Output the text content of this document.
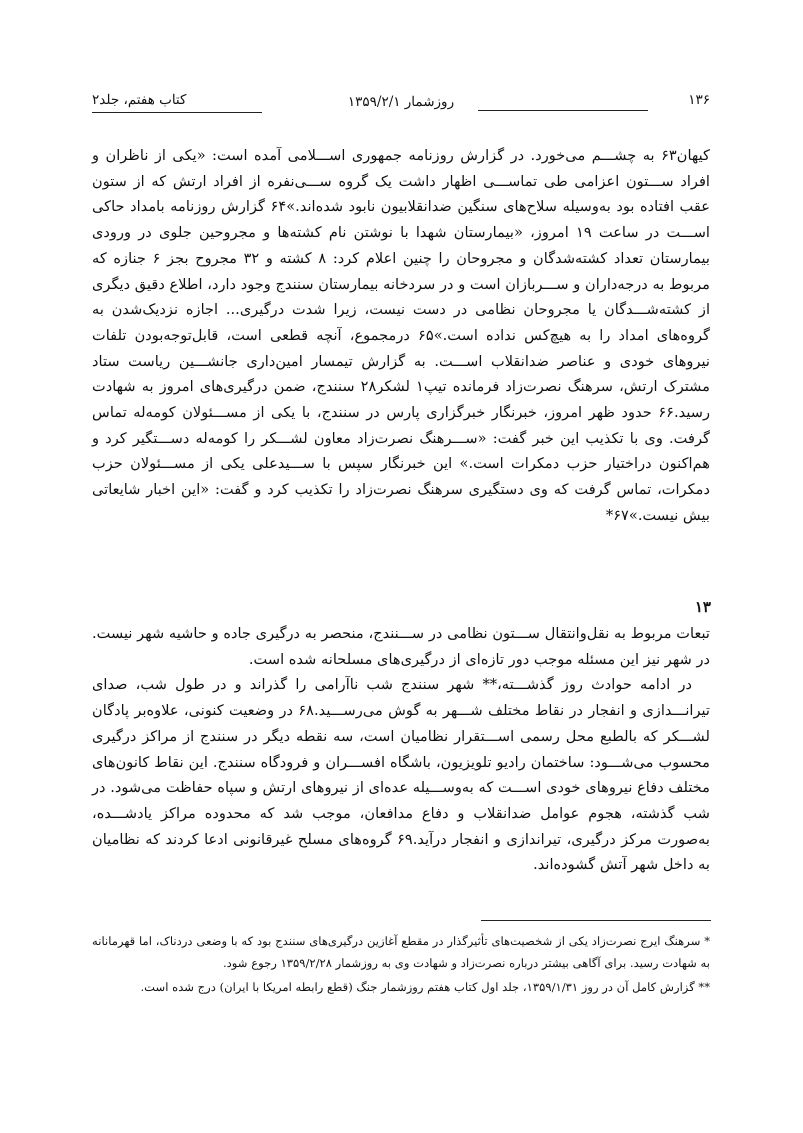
۱۳۶
روزشمار ۱۳۵۹/۲/۱
کتاب هفتم، جلد۲

کیهان۶۳ به چشـــم می‌خورد. در گزارش روزنامه جمهوری اســـلامی آمده است: «یکی از ناظران و افراد ســـتون اعزامی طی تماســـی اظهار داشت یک گروه ســـی‌نفره از افراد ارتش که از ستون عقب افتاده بود به‌وسیله سلاح‌های سنگین ضدانقلابیون نابود شده‌اند.»۶۴ گزارش روزنامه بامداد حاکی اســـت در ساعت ۱۹ امروز، «بیمارستان شهدا با نوشتن نام کشته‌ها و مجروحین جلوی در ورودی بیمارستان تعداد کشته‌شدگان و مجروحان را چنین اعلام کرد: ۸ کشته و ۳۲ مجروح بجز ۶ جنازه که مربوط به درجه‌داران و ســـربازان است و در سردخانه بیمارستان سنندج وجود دارد، اطلاع دقیق دیگری از کشته‌شـــدگان یا مجروحان نظامی در دست نیست، زیرا شدت درگیری... اجازه نزدیک‌شدن به گروه‌های امداد را به هیچ‌کس نداده است.»۶۵ درمجموع، آنچه قطعی است، قابل‌توجه‌بودن تلفات نیروهای خودی و عناصر ضدانقلاب اســـت. به گزارش تیمسار امین‌داری جانشـــین ریاست ستاد مشترک ارتش، سرهنگ نصرت‌زاد فرمانده تیپ۱ لشکر۲۸ سنندج، ضمن درگیری‌های امروز به شهادت رسید.۶۶ حدود ظهر امروز، خبرنگار خبرگزاری پارس در سنندج، با یکی از مســـئولان کومه‌له تماس گرفت. وی با تکذیب این خبر گفت: «ســـرهنگ نصرت‌زاد معاون لشـــکر را کومه‌له دســـتگیر کرد و هم‌اکنون دراختیار حزب دمکرات است.» این خبرنگار سپس با ســـیدعلی یکی از مســـئولان حزب دمکرات، تماس گرفت که وی دستگیری سرهنگ نصرت‌زاد را تکذیب کرد و گفت: «این اخبار شایعاتی بیش نیست.»۶۷*

۱۳

تبعات مربوط به نقل‌وانتقال ســـتون نظامی در ســـنندج، منحصر به درگیری جاده و حاشیه شهر نیست. در شهر نیز این مسئله موجب دور تازه‌ای از درگیری‌های مسلحانه شده است.

در ادامه حوادث روز گذشـــته،** شهر سنندج شب ناآرامی را گذراند و در طول شب، صدای تیرانـــدازی و انفجار در نقاط مختلف شـــهر به گوش می‌رســـید.۶۸ در وضعیت کنونی، علاوه‌بر پادگان لشـــکر که بالطبع محل رسمی اســـتقرار نظامیان است، سه نقطه دیگر در سنندج از مراکز درگیری محسوب می‌شـــود: ساختمان رادیو تلویزیون، باشگاه افســـران و فرودگاه سنندج. این نقاط کانون‌های مختلف دفاع نیروهای خودی اســـت که به‌وســـیله عده‌ای از نیروهای ارتش و سپاه حفاظت می‌شود. در شب گذشته، هجوم عوامل ضدانقلاب و دفاع مدافعان، موجب شد که محدوده مراکز یادشـــده، به‌صورت مرکز درگیری، تیراندازی و انفجار درآید.۶۹ گروه‌های مسلح غیرقانونی ادعا کردند که نظامیان به داخل شهر آتش گشوده‌اند.

* سرهنگ ایرج نصرت‌زاد یکی از شخصیت‌های تأثیرگذار در مقطع آغازین درگیری‌های سنندج بود که با وضعی دردناک، اما قهرمانانه به شهادت رسید. برای آگاهی بیشتر درباره نصرت‌زاد و شهادت وی به روزشمار ۱۳۵۹/۲/۲۸ رجوع شود.

** گزارش کامل آن در روز ۱۳۵۹/۱/۳۱، جلد اول کتاب هفتم روزشمار جنگ (قطع رابطه امریکا با ایران) درج شده است.
